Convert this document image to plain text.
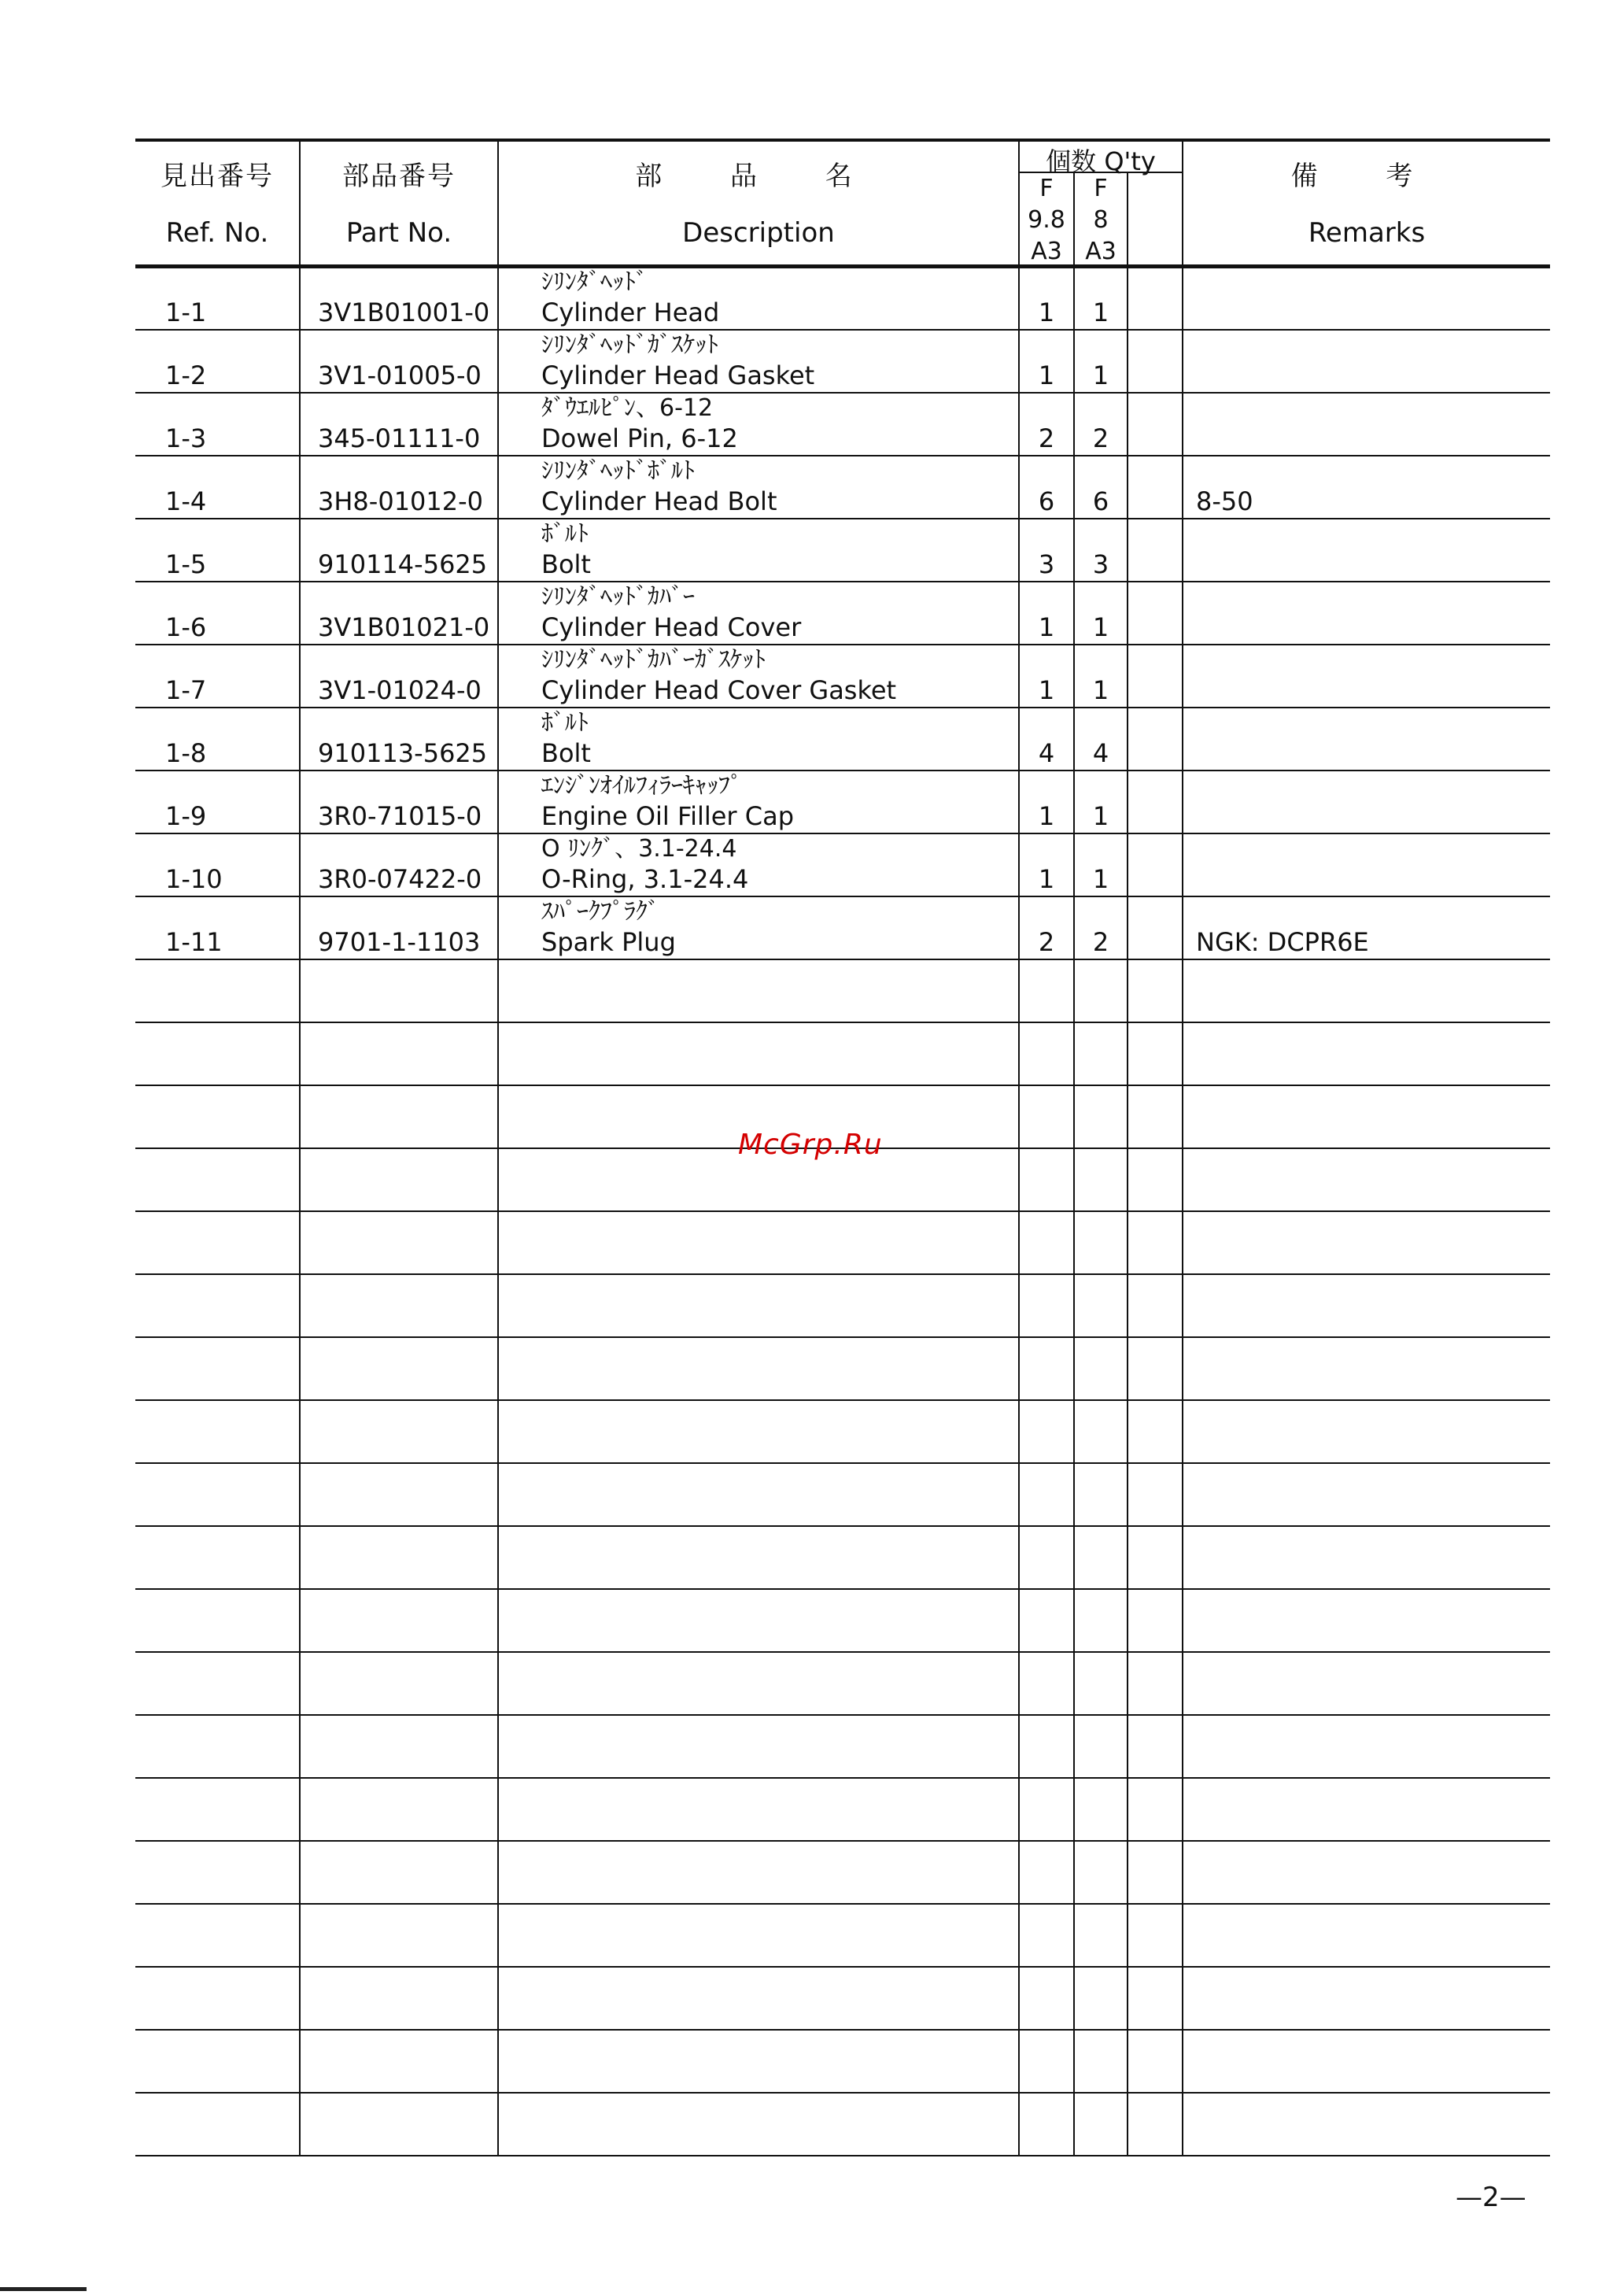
見出番号
Ref. No.
部品番号
Part No.
部 品 名
Description
個数 Q'ty
F
9.8
A3
F
8
A3
備 考
Remarks
1-1	3V1B01001-0
ｼﾘﾝﾀﾞﾍｯﾄﾞ
Cylinder Head	1	1
1-2	3V1-01005-0
ｼﾘﾝﾀﾞﾍｯﾄﾞｶﾞｽｹｯﾄ
Cylinder Head Gasket	1	1
1-3	345-01111-0
ﾀﾞｳｴﾙﾋﾟﾝ、6-12
Dowel Pin, 6-12	2	2
1-4	3H8-01012-0
ｼﾘﾝﾀﾞﾍｯﾄﾞﾎﾞﾙﾄ
Cylinder Head Bolt	6	6	8-50
1-5	910114-5625
ﾎﾞﾙﾄ
Bolt	3	3
1-6	3V1B01021-0
ｼﾘﾝﾀﾞﾍｯﾄﾞｶﾊﾞｰ
Cylinder Head Cover	1	1
1-7	3V1-01024-0
ｼﾘﾝﾀﾞﾍｯﾄﾞｶﾊﾞｰｶﾞｽｹｯﾄ
Cylinder Head Cover Gasket	1	1
1-8	910113-5625
ﾎﾞﾙﾄ
Bolt	4	4
1-9	3R0-71015-0
ｴﾝｼﾞﾝｵｲﾙﾌｨﾗｰｷｬｯﾌﾟ
Engine Oil Filler Cap	1	1
1-10	3R0-07422-0
O ﾘﾝｸﾞ、3.1-24.4
O-Ring, 3.1-24.4	1	1
1-11	9701-1-1103
ｽﾊﾟｰｸﾌﾟﾗｸﾞ
Spark Plug	2	2	NGK: DCPR6E
McGrp.Ru
—2—
